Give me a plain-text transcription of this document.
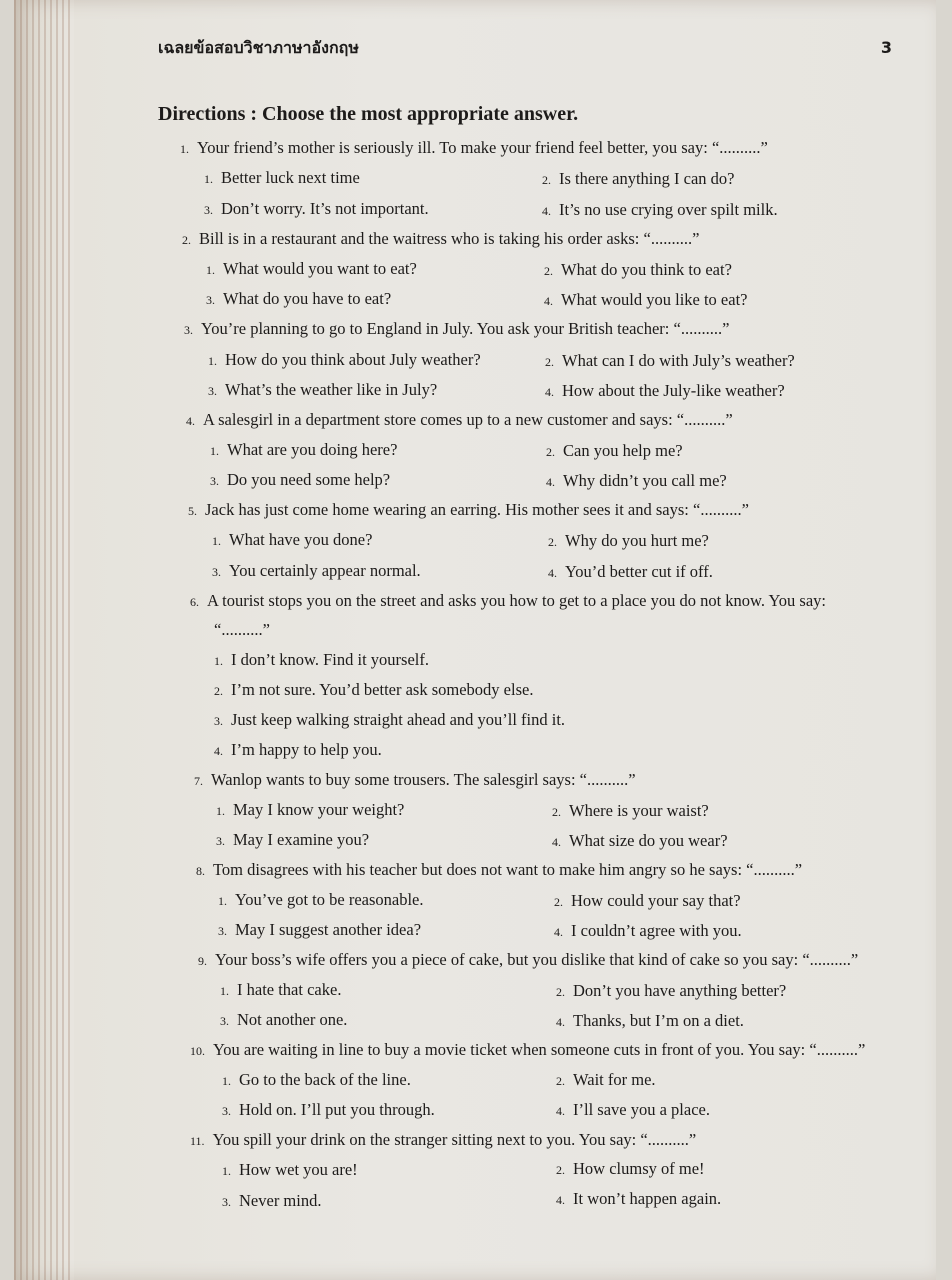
เฉลยข้อสอบวิชาภาษาอังกฤษ	3
Directions : Choose the most appropriate answer.
1. Your friend’s mother is seriously ill. To make your friend feel better, you say: “..........”
1. Better luck next time	2. Is there anything I can do?
3. Don’t worry. It’s not important.	4. It’s no use crying over spilt milk.
2. Bill is in a restaurant and the waitress who is taking his order asks: “..........”
1. What would you want to eat?	2. What do you think to eat?
3. What do you have to eat?	4. What would you like to eat?
3. You’re planning to go to England in July. You ask your British teacher: “..........”
1. How do you think about July weather?	2. What can I do with July’s weather?
3. What’s the weather like in July?	4. How about the July-like weather?
4. A salesgirl in a department store comes up to a new customer and says: “..........”
1. What are you doing here?	2. Can you help me?
3. Do you need some help?	4. Why didn’t you call me?
5. Jack has just come home wearing an earring. His mother sees it and says: “..........”
1. What have you done?	2. Why do you hurt me?
3. You certainly appear normal.	4. You’d better cut if off.
6. A tourist stops you on the street and asks you how to get to a place you do not know. You say:
“..........”
1. I don’t know. Find it yourself.
2. I’m not sure. You’d better ask somebody else.
3. Just keep walking straight ahead and you’ll find it.
4. I’m happy to help you.
7. Wanlop wants to buy some trousers. The salesgirl says: “..........”
1. May I know your weight?	2. Where is your waist?
3. May I examine you?	4. What size do you wear?
8. Tom disagrees with his teacher but does not want to make him angry so he says: “..........”
1. You’ve got to be reasonable.	2. How could your say that?
3. May I suggest another idea?	4. I couldn’t agree with you.
9. Your boss’s wife offers you a piece of cake, but you dislike that kind of cake so you say: “..........”
1. I hate that cake.	2. Don’t you have anything better?
3. Not another one.	4. Thanks, but I’m on a diet.
10. You are waiting in line to buy a movie ticket when someone cuts in front of you. You say: “..........”
1. Go to the back of the line.	2. Wait for me.
3. Hold on. I’ll put you through.	4. I’ll save you a place.
11. You spill your drink on the stranger sitting next to you. You say: “..........”
1. How wet you are!	2. How clumsy of me!
3. Never mind.	4. It won’t happen again.
